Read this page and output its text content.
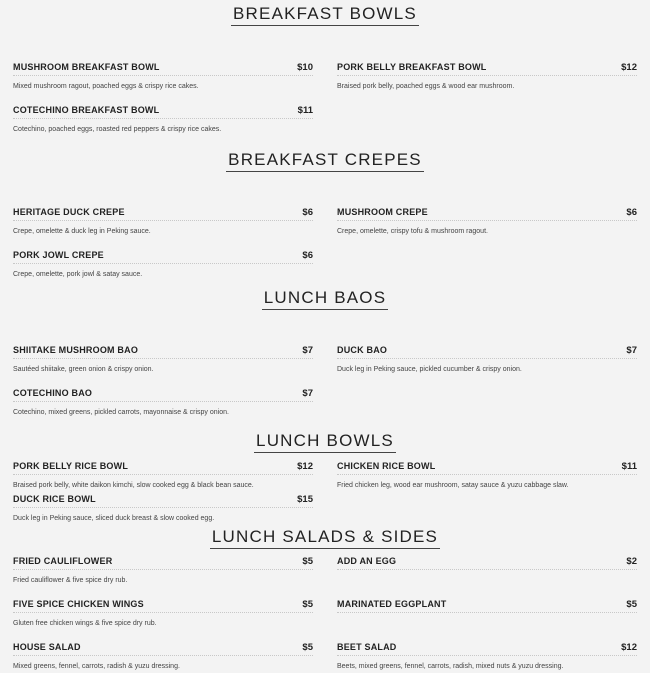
BREAKFAST BOWLS
MUSHROOM BREAKFAST BOWL	$10
Mixed mushroom ragout, poached eggs & crispy rice cakes.
PORK BELLY BREAKFAST BOWL	$12
Braised pork belly, poached eggs & wood ear mushroom.
COTECHINO BREAKFAST BOWL	$11
Cotechino, poached eggs, roasted red peppers & crispy rice cakes.
BREAKFAST CREPES
HERITAGE DUCK CREPE	$6
Crepe, omelette & duck leg in Peking sauce.
MUSHROOM CREPE	$6
Crepe, omelette, crispy tofu & mushroom ragout.
PORK JOWL CREPE	$6
Crepe, omelette, pork jowl & satay sauce.
LUNCH BAOS
SHIITAKE MUSHROOM BAO	$7
Sautéed shiitake, green onion & crispy onion.
DUCK BAO	$7
Duck leg in Peking sauce, pickled cucumber & crispy onion.
COTECHINO BAO	$7
Cotechino, mixed greens, pickled carrots, mayonnaise & crispy onion.
LUNCH BOWLS
PORK BELLY RICE BOWL	$12
Braised pork belly, white daikon kimchi, slow cooked egg & black bean sauce.
CHICKEN RICE BOWL	$11
Fried chicken leg, wood ear mushroom, satay sauce & yuzu cabbage slaw.
DUCK RICE BOWL	$15
Duck leg in Peking sauce, sliced duck breast & slow cooked egg.
LUNCH SALADS & SIDES
FRIED CAULIFLOWER	$5
Fried cauliflower & five spice dry rub.
ADD AN EGG	$2
FIVE SPICE CHICKEN WINGS	$5
Gluten free chicken wings & five spice dry rub.
MARINATED EGGPLANT	$5
HOUSE SALAD	$5
Mixed greens, fennel, carrots, radish & yuzu dressing.
BEET SALAD	$12
Beets, mixed greens, fennel, carrots, radish, mixed nuts & yuzu dressing.
